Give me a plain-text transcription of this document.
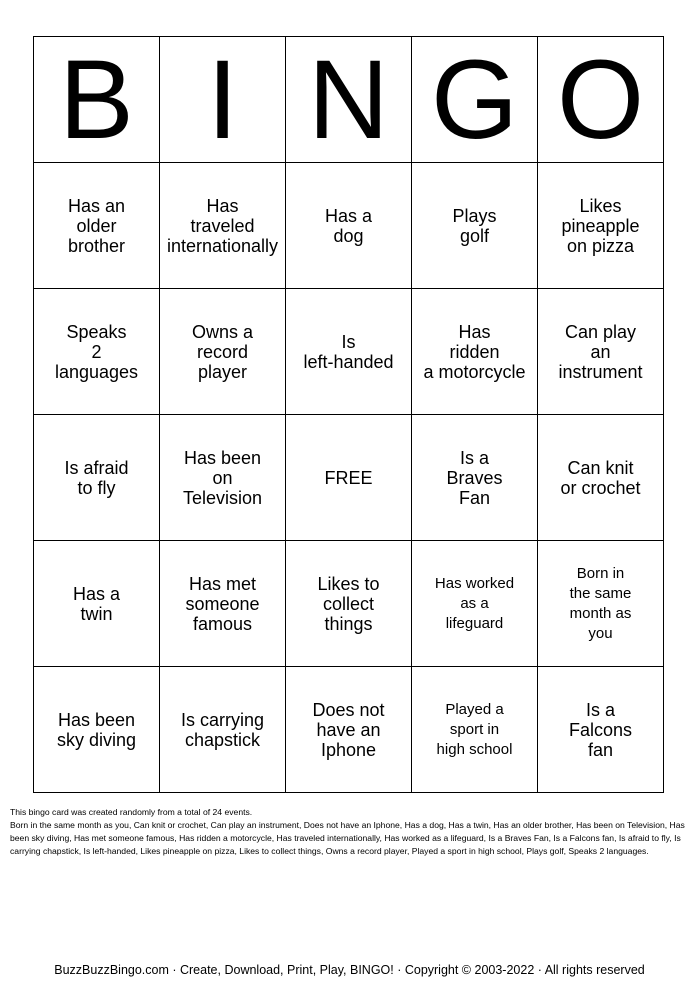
B	I	N	G	O
Has an
older
brother	Has
traveled
internationally	Has a
dog	Plays
golf	Likes
pineapple
on pizza
Speaks
2
languages	Owns a
record
player	Is
left-handed	Has
ridden
a motorcycle	Can play
an
instrument
Is afraid
to fly	Has been
on
Television	FREE	Is a
Braves
Fan	Can knit
or crochet
Has a
twin	Has met
someone
famous	Likes to
collect
things	Has worked
as a
lifeguard	Born in
the same
month as
you
Has been
sky diving	Is carrying
chapstick	Does not
have an
Iphone	Played a
sport in
high school	Is a
Falcons
fan

This bingo card was created randomly from a total of 24 events.

Born in the same month as you, Can knit or crochet, Can play an instrument, Does not have an Iphone, Has a dog, Has a twin, Has an older brother, Has been on Television, Has been sky diving, Has met someone famous, Has ridden a motorcycle, Has traveled internationally, Has worked as a lifeguard, Is a Braves Fan, Is a Falcons fan, Is afraid to fly, Is carrying chapstick, Is left-handed, Likes pineapple on pizza, Likes to collect things, Owns a record player, Played a sport in high school, Plays golf, Speaks 2 languages.

BuzzBuzzBingo.com · Create, Download, Print, Play, BINGO! · Copyright © 2003-2022 · All rights reserved
